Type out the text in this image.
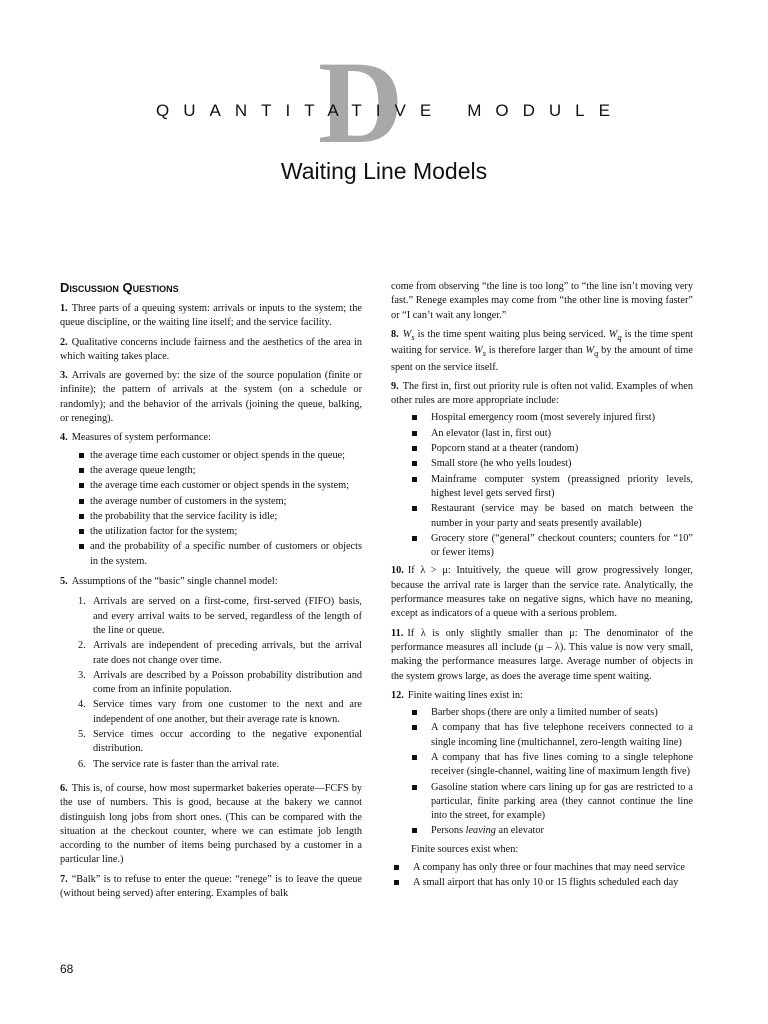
D
QUANTITATIVE MODULE
Waiting Line Models
Discussion Questions

1. Three parts of a queuing system: arrivals or inputs to the system; the queue discipline, or the waiting line itself; and the service facility.

2. Qualitative concerns include fairness and the aesthetics of the area in which waiting takes place.

3. Arrivals are governed by: the size of the source population (finite or infinite); the pattern of arrivals at the system (on a schedule or randomly); and the behavior of the arrivals (joining the queue, balking, or reneging).

4. Measures of system performance:

the average time each customer or object spends in the queue;
the average queue length;
the average time each customer or object spends in the system;
the average number of customers in the system;
the probability that the service facility is idle;
the utilization factor for the system;
and the probability of a specific number of customers or objects in the system.

5. Assumptions of the “basic” single channel model:

1. Arrivals are served on a first-come, first-served (FIFO) basis, and every arrival waits to be served, regardless of the length of the line or queue.
2. Arrivals are independent of preceding arrivals, but the arrival rate does not change over time.
3. Arrivals are described by a Poisson probability distribution and come from an infinite population.
4. Service times vary from one customer to the next and are independent of one another, but their average rate is known.
5. Service times occur according to the negative exponential distribution.
6. The service rate is faster than the arrival rate.

6. This is, of course, how most supermarket bakeries operate—FCFS by the use of numbers. This is good, because at the bakery we cannot distinguish long jobs from short ones. (This can be compared with the situation at the checkout counter, where we can estimate job length according to the number of items being purchased by a customer in a particular line.)

7. “Balk” is to refuse to enter the queue: “renege” is to leave the queue (without being served) after entering. Examples of balk

come from observing “the line is too long” to “the line isn’t moving very fast.” Renege examples may come from “the other line is moving faster” or “I can’t wait any longer.”

8. $W_s$ is the time spent waiting plus being serviced. $W_q$ is the time spent waiting for service. $W_s$ is therefore larger than $W_q$ by the amount of time spent on the service itself.

9. The first in, first out priority rule is often not valid. Examples of when other rules are more appropriate include:

Hospital emergency room (most severely injured first)
An elevator (last in, first out)
Popcorn stand at a theater (random)
Small store (he who yells loudest)
Mainframe computer system (preassigned priority levels, highest level gets served first)
Restaurant (service may be based on match between the number in your party and seats presently available)
Grocery store (“general” checkout counters; counters for “10” or fewer items)

10. If λ > μ: Intuitively, the queue will grow progressively longer, because the arrival rate is larger than the service rate. Analytically, the performance measures take on negative signs, which have no meaning, except as indicators of a queue with a serious problem.

11. If λ is only slightly smaller than μ: The denominator of the performance measures all include (μ – λ). This value is now very small, making the performance measures large. Average number of objects in the system grows large, as does the average time spent waiting.

12. Finite waiting lines exist in:

Barber shops (there are only a limited number of seats)
A company that has five telephone receivers connected to a single incoming line (multichannel, zero-length waiting line)
A company that has five lines coming to a single telephone receiver (single-channel, waiting line of maximum length five)
Gasoline station where cars lining up for gas are restricted to a particular, finite parking area (they cannot continue the line into the street, for example)
Persons leaving an elevator
Finite sources exist when:
A company has only three or four machines that may need service
A small airport that has only 10 or 15 flights scheduled each day
68
